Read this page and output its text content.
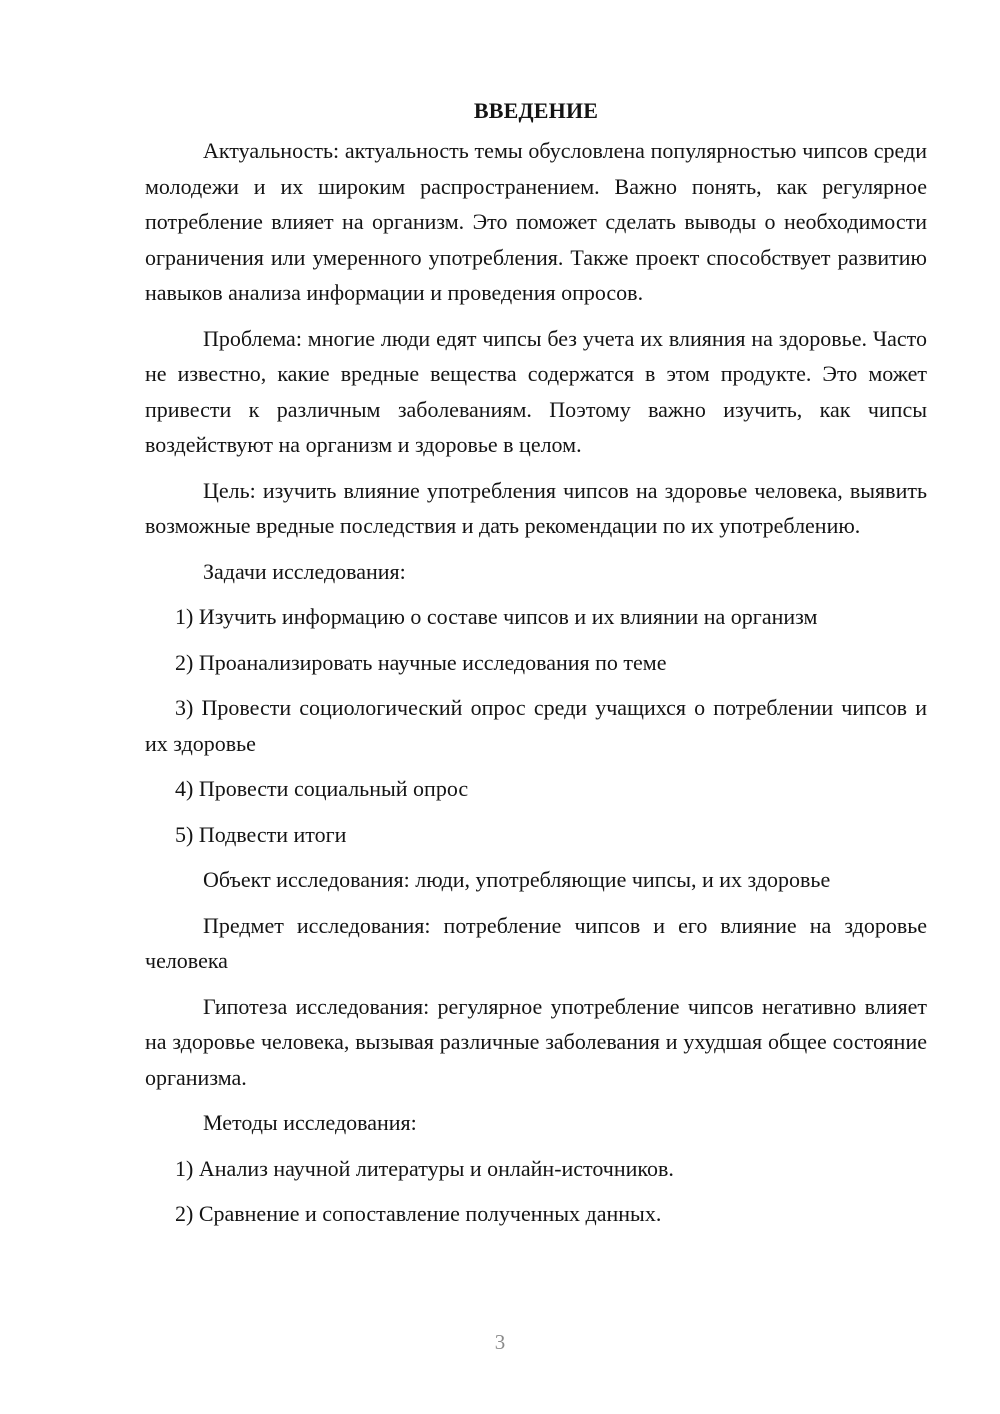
ВВЕДЕНИЕ

Актуальность: актуальность темы обусловлена популярностью чипсов среди молодежи и их широким распространением. Важно понять, как регулярное потребление влияет на организм. Это поможет сделать выводы о необходимости ограничения или умеренного употребления. Также проект способствует развитию навыков анализа информации и проведения опросов.

Проблема: многие люди едят чипсы без учета их влияния на здоровье. Часто не известно, какие вредные вещества содержатся в этом продукте. Это может привести к различным заболеваниям. Поэтому важно изучить, как чипсы воздействуют на организм и здоровье в целом.

Цель: изучить влияние употребления чипсов на здоровье человека, выявить возможные вредные последствия и дать рекомендации по их употреблению.

Задачи исследования:

1) Изучить информацию о составе чипсов и их влиянии на организм

2) Проанализировать научные исследования по теме

3) Провести социологический опрос среди учащихся о потреблении чипсов и их здоровье

4) Провести социальный опрос

5) Подвести итоги

Объект исследования: люди, употребляющие чипсы, и их здоровье

Предмет исследования: потребление чипсов и его влияние на здоровье человека

Гипотеза исследования: регулярное употребление чипсов негативно влияет на здоровье человека, вызывая различные заболевания и ухудшая общее состояние организма.

Методы исследования:

1) Анализ научной литературы и онлайн-источников.

2) Сравнение и сопоставление полученных данных.

3
